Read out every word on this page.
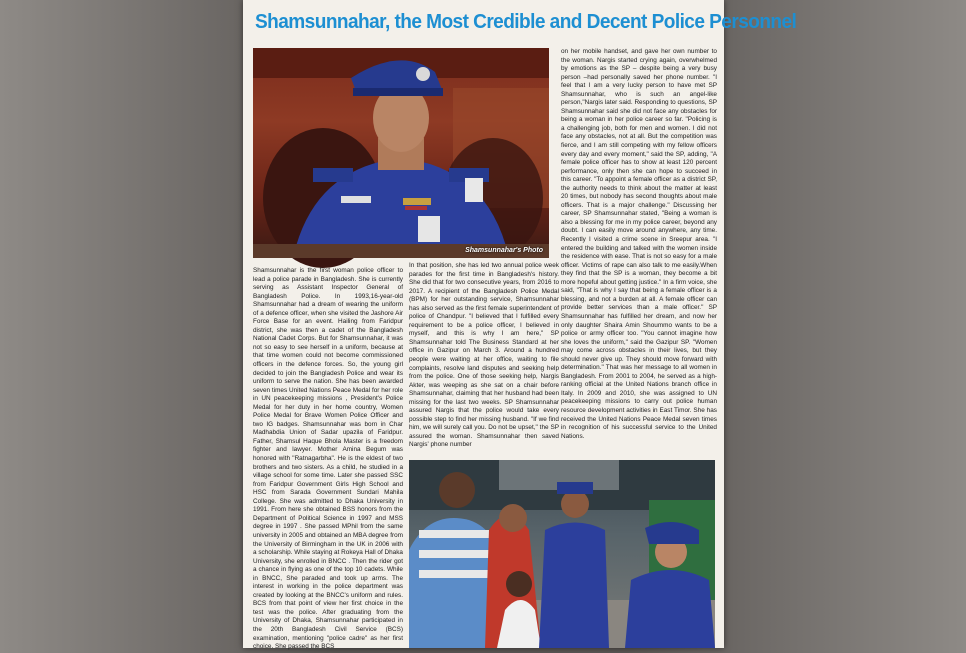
Shamsunnahar, the Most Credible and Decent Police Personnel
Shamsunnahar's Photo
Shamsunnahar is the first woman police officer to lead a police parade in Bangladesh. She is currently serving as Assistant Inspector General of Bangladesh Police. In 1993,16-year-old Shamsunnahar had a dream of wearing the uniform of a defence officer, when she visited the Jashore Air Force Base for an event. Hailing from Faridpur district, she was then a cadet of the Bangladesh National Cadet Corps. But for Shamsunnahar, it was not so easy to see herself in a uniform, because at that time women could not become commissioned officers in the defence forces. So, the young girl decided to join the Bangladesh Police and wear its uniform to serve the nation. She has been awarded seven times United Nations Peace Medal for her role in UN peacekeeping missions , President's Police Medal for her duty in her home country, Women Police Medal for Brave Women Police Officer and two IG badges. Shamsunnahar was born in Char Madhabdia Union of Sadar upazila of Faridpur. Father, Shamsul Haque Bhola Master is a freedom fighter and lawyer. Mother Amina Begum was honored with "Ratnagarbha". He is the eldest of two brothers and two sisters. As a child, he studied in a village school for some time. Later she passed SSC from Faridpur Government Girls High School and HSC from Sarada Government Sundari Mahila College. She was admitted to Dhaka University in 1991. From here she obtained BSS honors from the Department of Political Science in 1997 and MSS degree in 1997 . She passed MPhil from the same university in 2005 and obtained an MBA degree from the University of Birmingham in the UK in 2006 with a scholarship. While staying at Rokeya Hall of Dhaka University, she enrolled in BNCC . Then the rider got a chance in flying as one of the top 10 cadets. While in BNCC, She paraded and took up arms. The interest in working in the police department was created by looking at the BNCC's uniform and rules. BCS from that point of view her first choice in the test was the police. After graduating from the University of Dhaka, Shamsunnahar participated in the 20th Bangladesh Civil Service (BCS) examination, mentioning "police cadre" as her first choice. She passed the BCS
In that position, she has led two annual police week parades for the first time in Bangladesh's history. She did that for two consecutive years, from 2016 to 2017. A recipient of the Bangladesh Police Medal (BPM) for her outstanding service, Shamsunnahar has also served as the first female superintendent of police of Chandpur. "I believed that I fulfilled every requirement to be a police officer, I believed in myself, and this is why I am here," SP Shamsunnahar told The Business Standard at her office in Gazipur on March 3. Around a hundred people were waiting at her office, waiting to file complaints, resolve land disputes and seeking help from the police. One of those seeking help, Nargis Akter, was weeping as she sat on a chair before Shamsunnahar, claiming that her husband had been missing for the last two weeks. SP Shamsunnahar assured Nargis that the police would take every possible step to find her missing husband. "If we find him, we will surely call you. Do not be upset," the SP assured the woman. Shamsunnahar then saved Nargis' phone number
on her mobile handset, and gave her own number to the woman. Nargis started crying again, overwhelmed by emotions as the SP – despite being a very busy person –had personally saved her phone number. "I feel that I am a very lucky person to have met SP Shamsunnahar, who is such an angel-like person,"Nargis later said. Responding to questions, SP Shamsunnahar said she did not face any obstacles for being a woman in her police career so far. "Policing is a challenging job, both for men and women. I did not face any obstacles, not at all. But the competition was fierce, and I am still competing with my fellow officers every day and every moment," said the SP, adding, "A female police officer has to show at least 120 percent performance, only then she can hope to succeed in this career. "To appoint a female officer as a district SP, the authority needs to think about the matter at least 20 times, but nobody has second thoughts about male officers. That is a major challenge." Discussing her career, SP Shamsunnahar stated, "Being a woman is also a blessing for me in my police career, beyond any doubt. I can easily move around anywhere, any time. Recently I visited a crime scene in Sreepur area. "I entered the building and talked with the women inside the residence with ease. That is not so easy for a male officer. Victims of rape can also talk to me easily.When they find that the SP is a woman, they become a bit more hopeful about getting justice." In a firm voice, she said, "That is why I say that being a female officer is a blessing, and not a burden at all. A female officer can provide better services than a male officer." SP Shamsunnahar has fulfilled her dream, and now her only daughter Shaira Amin Shoummo wants to be a police or army officer too. "You cannot imagine how she loves the uniform," said the Gazipur SP. "Women may come across obstacles in their lives, but they should never give up. They should move forward with determination." That was her message to all women in Bangladesh. From 2001 to 2004, he served as a high-ranking official at the United Nations branch office in Italy. In 2009 and 2010, she was assigned to UN peacekeeping missions to carry out police human resource development activities in East Timor. She has received the United Nations Peace Medal seven times in recognition of his successful service to the United Nations.
